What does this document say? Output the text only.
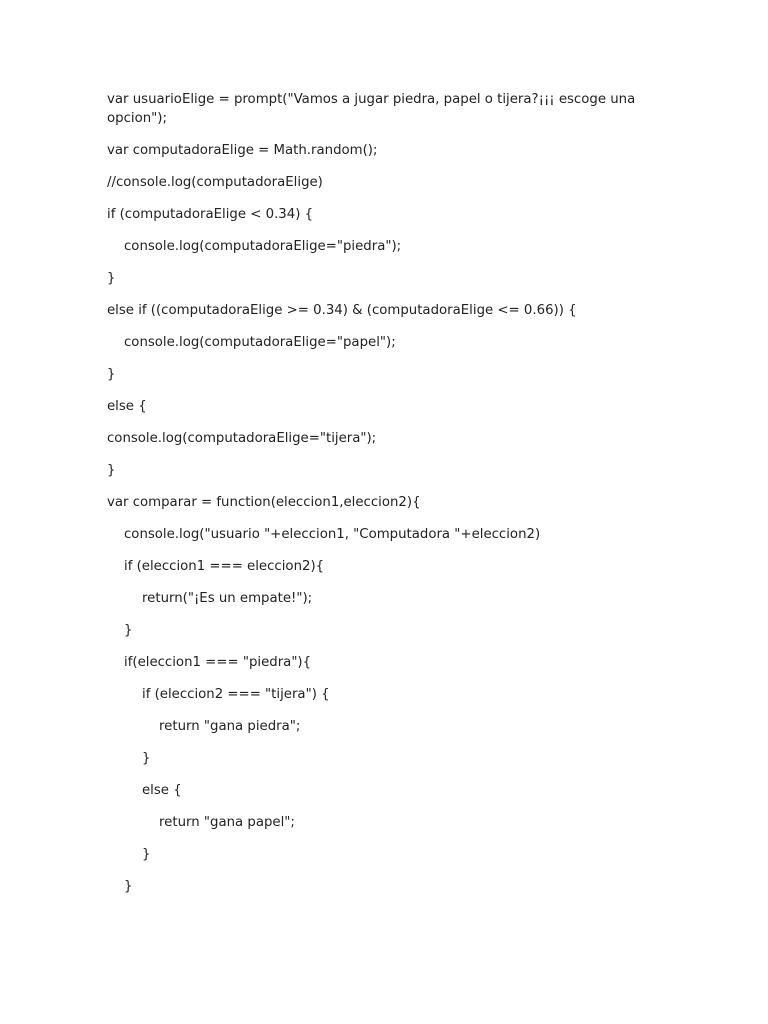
var usuarioElige = prompt("Vamos a jugar piedra, papel o tijera?¡¡¡ escoge una opcion");
var computadoraElige = Math.random();
//console.log(computadoraElige)
if (computadoraElige < 0.34) {
console.log(computadoraElige="piedra");
}
else if ((computadoraElige >= 0.34) & (computadoraElige <= 0.66)) {
console.log(computadoraElige="papel");
}
else {
console.log(computadoraElige="tijera");
}
var comparar = function(eleccion1,eleccion2){
console.log("usuario "+eleccion1, "Computadora "+eleccion2)
if (eleccion1 === eleccion2){
return("¡Es un empate!");
}
if(eleccion1 === "piedra"){
if (eleccion2 === "tijera") {
return "gana piedra";
}
else {
return "gana papel";
}
}
